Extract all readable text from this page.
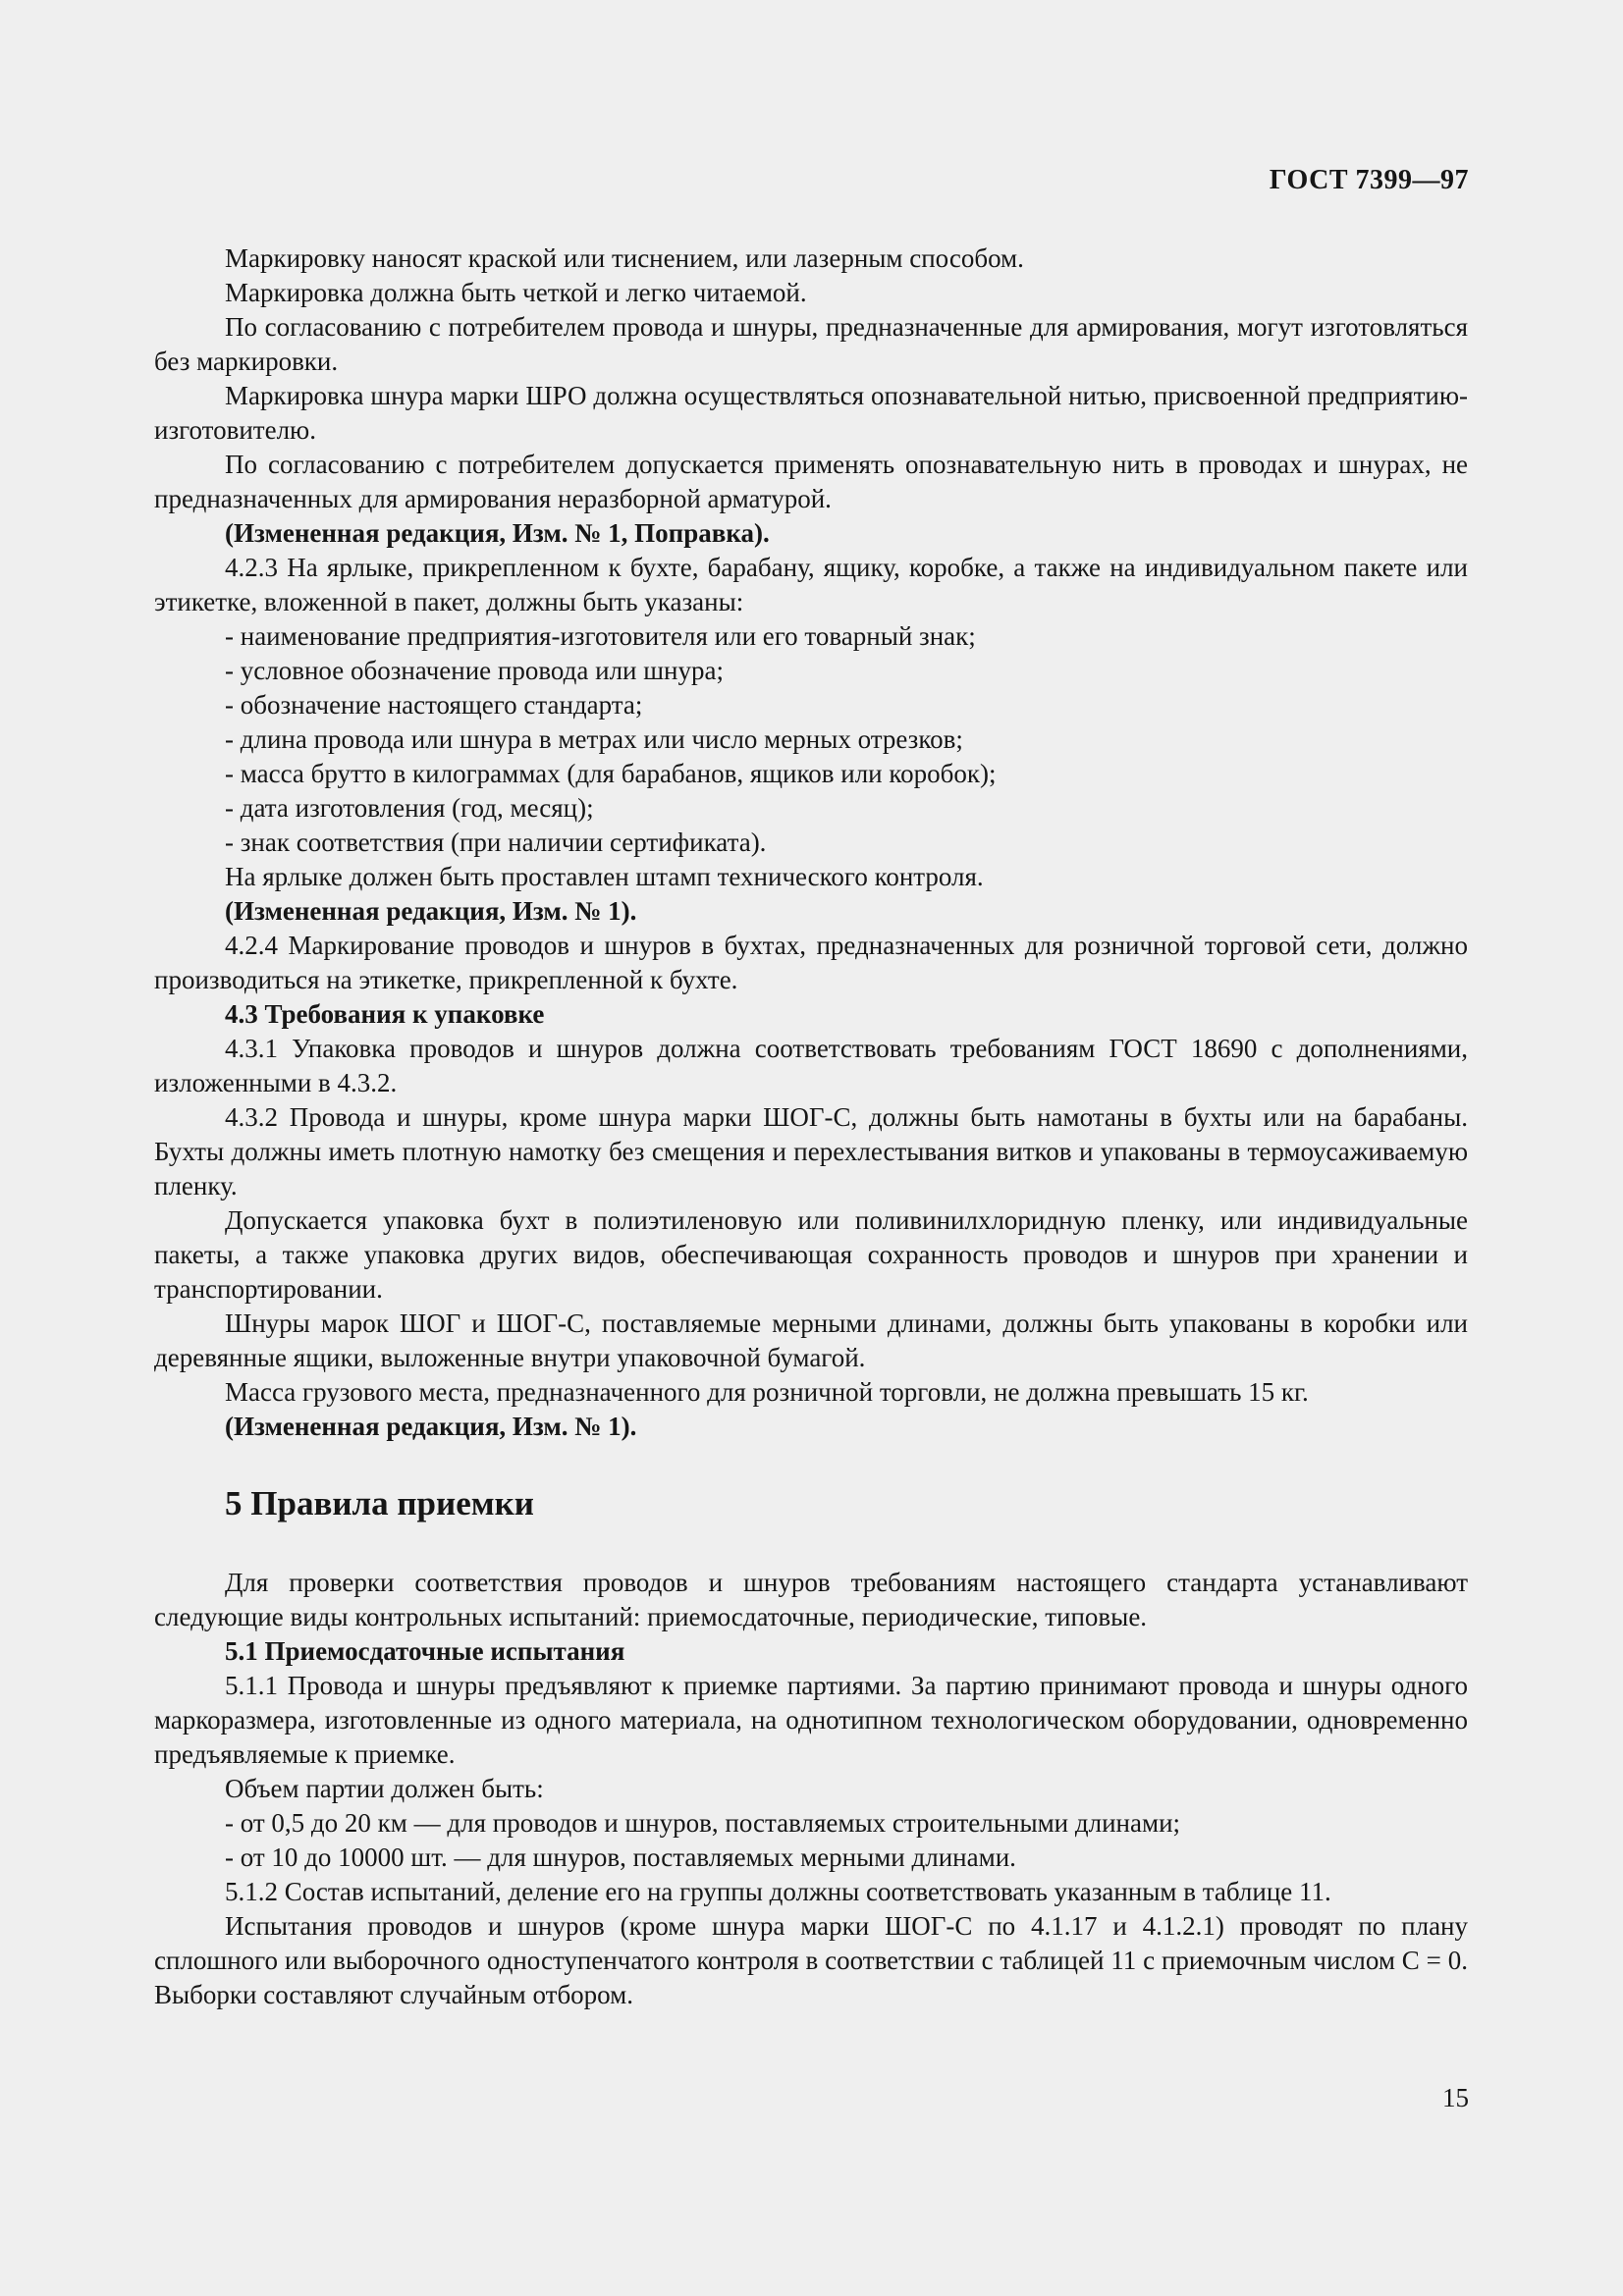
ГОСТ 7399—97

Маркировку наносят краской или тиснением, или лазерным способом.

Маркировка должна быть четкой и легко читаемой.

По согласованию с потребителем провода и шнуры, предназначенные для армирования, могут изготовляться без маркировки.

Маркировка шнура марки ШРО должна осуществляться опознавательной нитью, присвоенной предприятию-изготовителю.

По согласованию с потребителем допускается применять опознавательную нить в проводах и шнурах, не предназначенных для армирования неразборной арматурой.

(Измененная редакция, Изм. № 1, Поправка).

4.2.3 На ярлыке, прикрепленном к бухте, барабану, ящику, коробке, а также на индивидуальном пакете или этикетке, вложенной в пакет, должны быть указаны:

- наименование предприятия-изготовителя или его товарный знак;

- условное обозначение провода или шнура;

- обозначение настоящего стандарта;

- длина провода или шнура в метрах или число мерных отрезков;

- масса брутто в килограммах (для барабанов, ящиков или коробок);

- дата изготовления (год, месяц);

- знак соответствия (при наличии сертификата).

На ярлыке должен быть проставлен штамп технического контроля.

(Измененная редакция, Изм. № 1).

4.2.4 Маркирование проводов и шнуров в бухтах, предназначенных для розничной торговой сети, должно производиться на этикетке, прикрепленной к бухте.

4.3 Требования к упаковке

4.3.1 Упаковка проводов и шнуров должна соответствовать требованиям ГОСТ 18690 с дополнениями, изложенными в 4.3.2.

4.3.2 Провода и шнуры, кроме шнура марки ШОГ-С, должны быть намотаны в бухты или на барабаны. Бухты должны иметь плотную намотку без смещения и перехлестывания витков и упакованы в термоусаживаемую пленку.

Допускается упаковка бухт в полиэтиленовую или поливинилхлоридную пленку, или индивидуальные пакеты, а также упаковка других видов, обеспечивающая сохранность проводов и шнуров при хранении и транспортировании.

Шнуры марок ШОГ и ШОГ-С, поставляемые мерными длинами, должны быть упакованы в коробки или деревянные ящики, выложенные внутри упаковочной бумагой.

Масса грузового места, предназначенного для розничной торговли, не должна превышать 15 кг.

(Измененная редакция, Изм. № 1).

5 Правила приемки

Для проверки соответствия проводов и шнуров требованиям настоящего стандарта устанавливают следующие виды контрольных испытаний: приемосдаточные, периодические, типовые.

5.1 Приемосдаточные испытания

5.1.1 Провода и шнуры предъявляют к приемке партиями. За партию принимают провода и шнуры одного маркоразмера, изготовленные из одного материала, на однотипном технологическом оборудовании, одновременно предъявляемые к приемке.

Объем партии должен быть:

- от 0,5 до 20 км — для проводов и шнуров, поставляемых строительными длинами;

- от 10 до 10000 шт. — для шнуров, поставляемых мерными длинами.

5.1.2 Состав испытаний, деление его на группы должны соответствовать указанным в таблице 11.

Испытания проводов и шнуров (кроме шнура марки ШОГ-С по 4.1.17 и 4.1.2.1) проводят по плану сплошного или выборочного одноступенчатого контроля в соответствии с таблицей 11 с приемочным числом С = 0. Выборки составляют случайным отбором.

15
